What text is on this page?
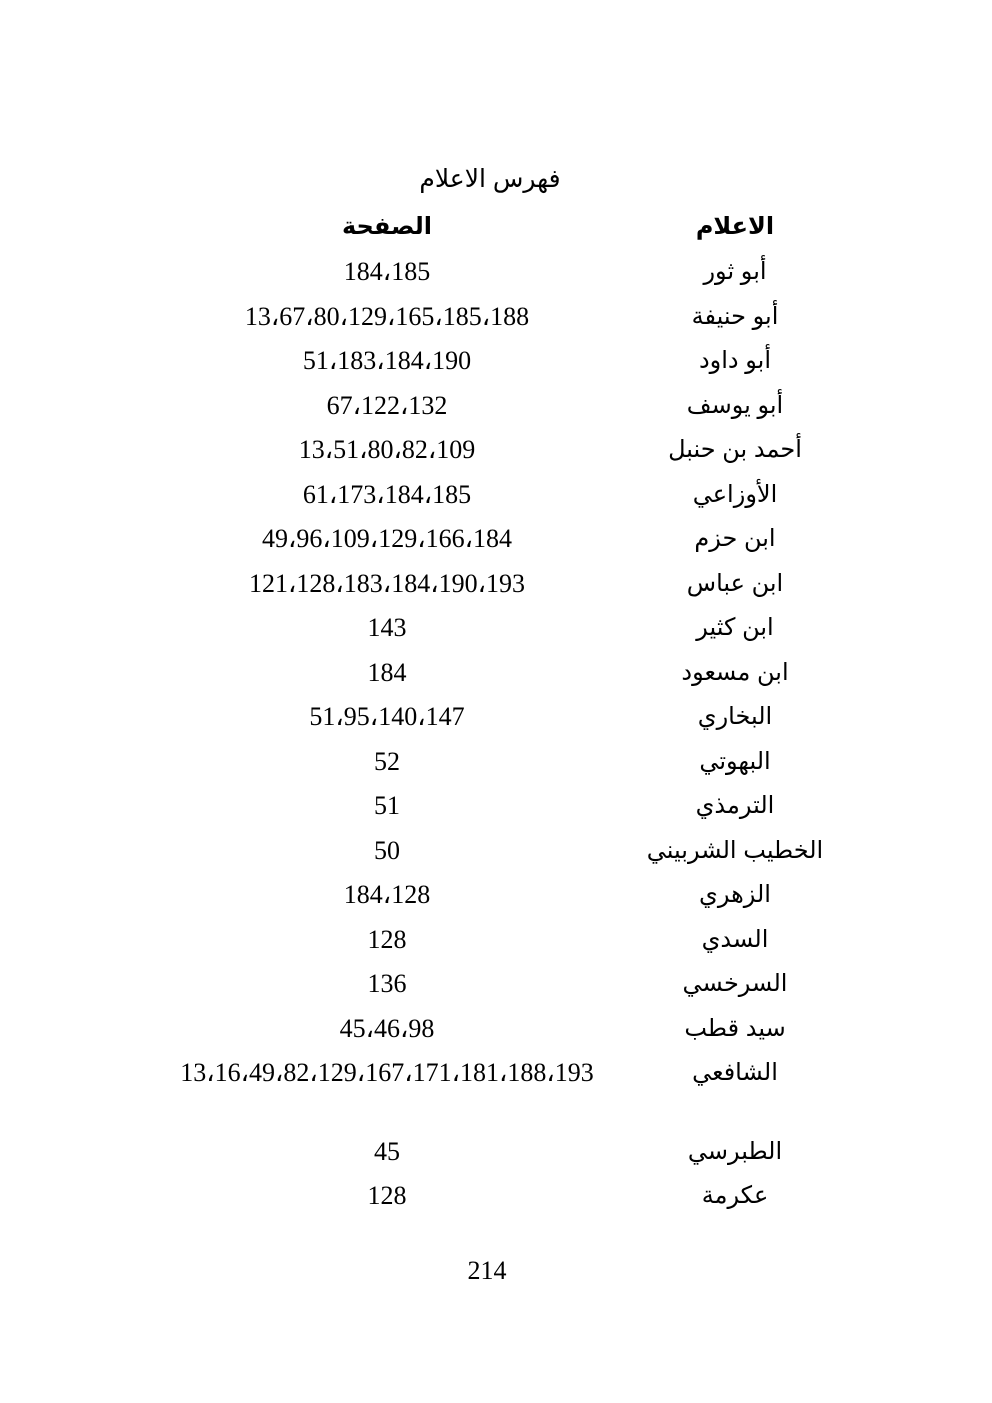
فهرس الاعلام
الاعلام
الصفحة
أبو ثور
184،185
أبو حنيفة
13،67،80،129،165،185،188
أبو داود
51،183،184،190
أبو يوسف
67،122،132
أحمد بن حنبل
13،51،80،82،109
الأوزاعي
61،173،184،185
ابن حزم
49،96،109،129،166،184
ابن عباس
121،128،183،184،190،193
ابن كثير
143
ابن مسعود
184
البخاري
51،95،140،147
البهوتي
52
الترمذي
51
الخطيب الشربيني
50
الزهري
184،128
السدي
128
السرخسي
136
سيد قطب
45،46،98
الشافعي
13،16،49،82،129،167،171،181،188،193
الطبرسي
45
عكرمة
128
214
